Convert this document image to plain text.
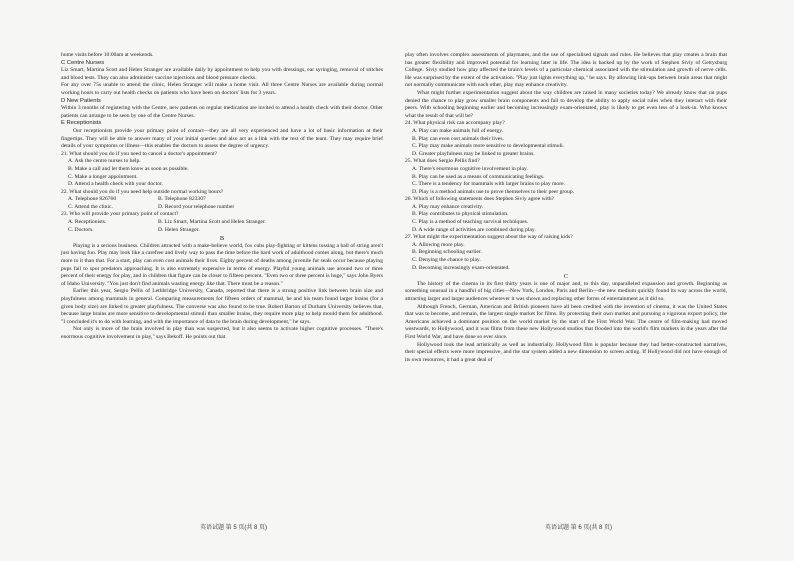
home visits before 10:00am at weekends.

C Centre Nurses

Liz Smart, Martina Scott and Helen Stranger are available daily by appointment to help you with dressings, ear syringing, removal of stitches and blood tests. They can also administer vaccine injections and blood pressure checks.

For any over 75s unable to attend the clinic, Helen Stranger will make a home visit. All three Centre Nurses are available during normal working hours to carry out health checks on patients who have been on doctors' lists for 3 years.

D New Patients

Within 3 months of registering with the Centre, new patients on regular medication are invited to attend a health check with their doctor. Other patients can arrange to be seen by one of the Centre Nurses.

E Receptionists

Our receptionists provide your primary point of contact—they are all very experienced and have a lot of basic information at their fingertips. They will be able to answer many of your initial queries and also act as a link with the rest of the team. They may require brief details of your symptoms or illness—this enables the doctors to assess the degree of urgency.

21. What should you do if you need to cancel a doctor's appointment?

A. Ask the centre nurses to help.

B. Make a call and let them know as soon as possible.

C. Make a longer appointment.

D. Attend a health check with your doctor.

22. What should you do if you need help outside normal working hours?

A. Telephone 826760	B. Telephone 823307
C. Attend the clinic.	D. Record your telephone number

23. Who will provide your primary point of contact?

A. Receptionists.	B. Liz Smart, Martina Scott and Helen Stranger.
C. Doctors.	D. Helen Stranger.

B

Playing is a serious business. Children attracted with a make-believe world, fox cubs play-fighting or kittens tossing a ball of string aren't just having fun. Play may look like a carefree and lively way to pass the time before the hard work of adulthood comes along, but there's much more to it than that. For a start, play can even cost animals their lives. Eighty percent of deaths among juvenile fur seals occur because playing pups fail to spot predators approaching. It is also extremely expensive in terms of energy. Playful young animals use around two or three percent of their energy for play, and in children that figure can be closer to fifteen percent. "Even two or three percent is huge," says John Byers of Idaho University. "You just don't find animals wasting energy like that. There must be a reason."

Earlier this year, Sergio Pellis of Lethbridge University, Canada, reported that there is a strong positive link between brain size and playfulness among mammals in general. Comparing measurements for fifteen orders of mammal, he and his team found larger brains (for a given body size) are linked to greater playfulness. The converse was also found to be true. Robert Barton of Durham University believes that, because large brains are more sensitive to developmental stimuli than smaller brains, they require more play to help mould them for adulthood. "I concluded it's to do with learning, and with the importance of data to the brain during development," he says.

Not only is more of the brain involved in play than was suspected, but it also seems to activate higher cognitive processes. "There's enormous cognitive involvement in play," says Bekoff. He points out that

play often involves complex assessments of playmates, and the use of specialised signals and rules. He believes that play creates a brain that has greater flexibility and improved potential for learning later in life. The idea is backed up by the work of Stephen Siviy of Gettysburg College. Siviy studied how play affected the brain's levels of a particular chemical associated with the stimulation and growth of nerve cells. He was surprised by the extent of the activation. "Play just lights everything up," he says. By allowing link-ups between brain areas that might not normally communicate with each other, play may enhance creativity.

What might further experimentation suggest about the way children are raised in many societies today? We already know that rat pups denied the chance to play grow smaller brain components and fail to develop the ability to apply social rules when they interact with their peers. With schooling beginning earlier and becoming increasingly exam-orientated, play is likely to get even less of a look-in. Who knows what the result of that will be?

24. What physical risk can accompany play?

A. Play can make animals full of energy.

B. Play can even cost animals their lives.

C. Play may make animals more sensitive to developmental stimuli.

D. Greater playfulness may be linked to greater brains.

25. What does Sergio Pellis find?

A. There's enormous cognitive involvement in play.

B. Play can be used as a means of communicating feelings.

C. There is a tendency for mammals with larger brains to play more.

D. Play is a method animals use to prove themselves to their peer group.

26. Which of following statements does Stephen Siviy agree with?

A. Play may enhance creativity.

B. Play contributes to physical stimulation.

C. Play is a method of teaching survival techniques.

D. A wide range of activities are combined during play.

27. What might the experimentation suggest about the way of raising kids?

A. Allowing more play.

B. Beginning schooling earlier.

C. Denying the chance to play.

D. Becoming increasingly exam-orientated.

C

The history of the cinema in its first thirty years is one of major and, to this day, unparalleled expansion and growth. Beginning as something unusual in a handful of big cities—New York, London, Paris and Berlin—the new medium quickly found its way across the world, attracting larger and larger audiences wherever it was shown and replacing other forms of entertainment as it did so.

Although French, German, American and British pioneers have all been credited with the invention of cinema, it was the United States that was to become, and remain, the largest single market for films. By protecting their own market and pursuing a vigorous export policy, the Americans achieved a dominant position on the world market by the start of the First World War. The centre of film-making had moved westwards, to Hollywood, and it was films from these new Hollywood studios that flooded into the world's film markets in the years after the First World War, and have done so ever since.

Hollywood took the lead artistically as well as industrially. Hollywood film is popular because they had better-constructed narratives, their special effects were more impressive, and the star system added a new dimension to screen acting. If Hollywood did not have enough of its own resources, it had a great deal of

英语试题 第 5 页(共 8 页)	英语试题 第 6 页(共 8 页)
